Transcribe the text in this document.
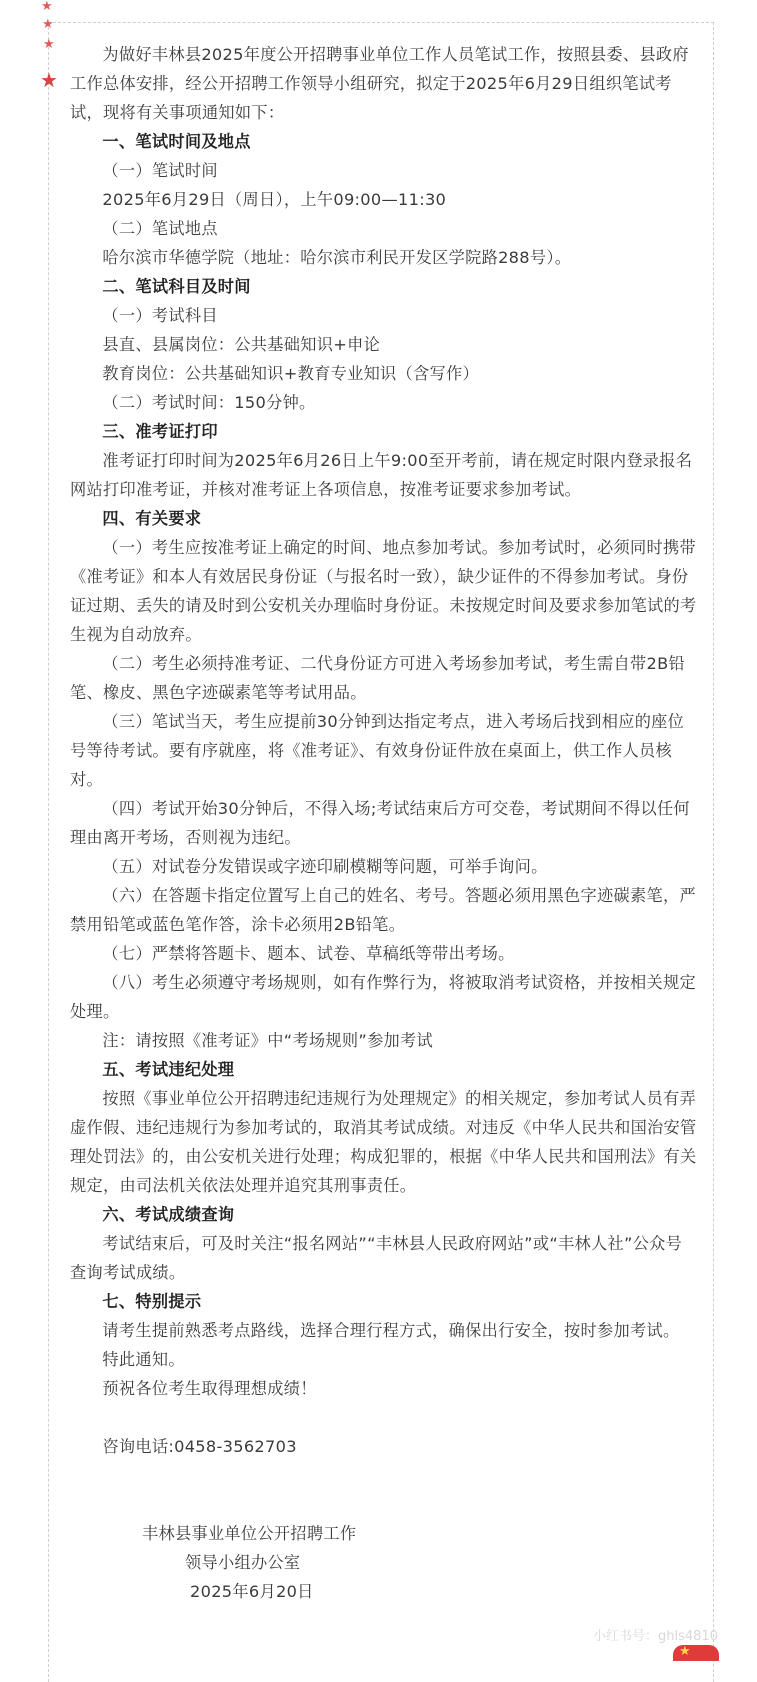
★
★
★
★

为做好丰林县2025年度公开招聘事业单位工作人员笔试工作，按照县委、县政府工作总体安排，经公开招聘工作领导小组研究，拟定于2025年6月29日组织笔试考试，现将有关事项通知如下：

一、笔试时间及地点

（一）笔试时间

2025年6月29日（周日），上午09:00—11:30

（二）笔试地点

哈尔滨市华德学院（地址：哈尔滨市利民开发区学院路288号）。

二、笔试科目及时间

（一）考试科目

县直、县属岗位：公共基础知识+申论

教育岗位：公共基础知识+教育专业知识（含写作）

（二）考试时间：150分钟。

三、准考证打印

准考证打印时间为2025年6月26日上午9:00至开考前，请在规定时限内登录报名网站打印准考证，并核对准考证上各项信息，按准考证要求参加考试。

四、有关要求

（一）考生应按准考证上确定的时间、地点参加考试。参加考试时，必须同时携带《准考证》和本人有效居民身份证（与报名时一致），缺少证件的不得参加考试。身份证过期、丢失的请及时到公安机关办理临时身份证。未按规定时间及要求参加笔试的考生视为自动放弃。

（二）考生必须持准考证、二代身份证方可进入考场参加考试，考生需自带2B铅笔、橡皮、黑色字迹碳素笔等考试用品。

（三）笔试当天，考生应提前30分钟到达指定考点，进入考场后找到相应的座位号等待考试。要有序就座，将《准考证》、有效身份证件放在桌面上，供工作人员核对。

（四）考试开始30分钟后，不得入场;考试结束后方可交卷，考试期间不得以任何理由离开考场，否则视为违纪。

（五）对试卷分发错误或字迹印刷模糊等问题，可举手询问。

（六）在答题卡指定位置写上自己的姓名、考号。答题必须用黑色字迹碳素笔，严禁用铅笔或蓝色笔作答，涂卡必须用2B铅笔。

（七）严禁将答题卡、题本、试卷、草稿纸等带出考场。

（八）考生必须遵守考场规则，如有作弊行为，将被取消考试资格，并按相关规定处理。

注：请按照《准考证》中“考场规则”参加考试

五、考试违纪处理

按照《事业单位公开招聘违纪违规行为处理规定》的相关规定，参加考试人员有弄虚作假、违纪违规行为参加考试的，取消其考试成绩。对违反《中华人民共和国治安管理处罚法》的，由公安机关进行处理；构成犯罪的，根据《中华人民共和国刑法》有关规定，由司法机关依法处理并追究其刑事责任。

六、考试成绩查询

考试结束后，可及时关注“报名网站”“丰林县人民政府网站”或“丰林人社”公众号查询考试成绩。

七、特别提示

请考生提前熟悉考点路线，选择合理行程方式，确保出行安全，按时参加考试。

特此通知。

预祝各位考生取得理想成绩！

咨询电话:0458-3562703

丰林县事业单位公开招聘工作

领导小组办公室

2025年6月20日

小红书号：ghls4810
★
